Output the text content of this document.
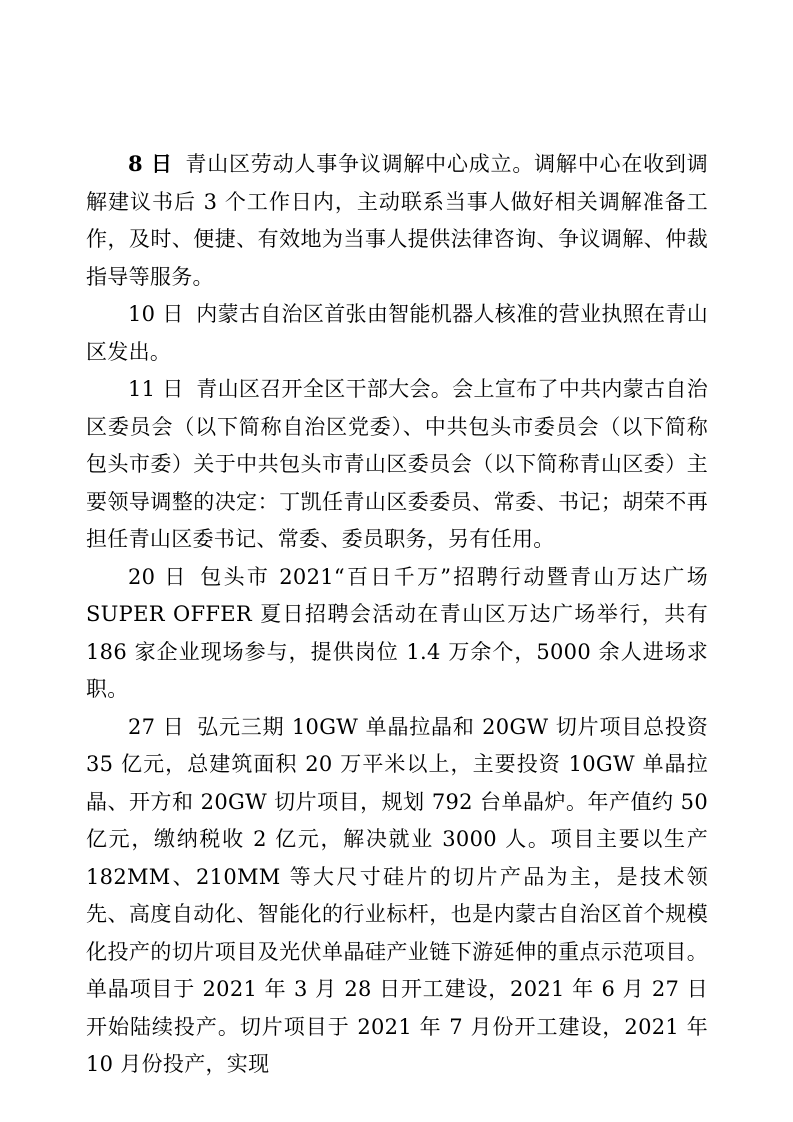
8 日 青山区劳动人事争议调解中心成立。调解中心在收到调解建议书后 3 个工作日内，主动联系当事人做好相关调解准备工作，及时、便捷、有效地为当事人提供法律咨询、争议调解、仲裁指导等服务。

10 日 内蒙古自治区首张由智能机器人核准的营业执照在青山区发出。

11 日 青山区召开全区干部大会。会上宣布了中共内蒙古自治区委员会（以下简称自治区党委）、中共包头市委员会（以下简称包头市委）关于中共包头市青山区委员会（以下简称青山区委）主要领导调整的决定：丁凯任青山区委委员、常委、书记；胡荣不再担任青山区委书记、常委、委员职务，另有任用。

20 日 包头市 2021“百日千万”招聘行动暨青山万达广场 SUPER OFFER 夏日招聘会活动在青山区万达广场举行，共有 186 家企业现场参与，提供岗位 1.4 万余个，5000 余人进场求职。

27 日 弘元三期 10GW 单晶拉晶和 20GW 切片项目总投资 35 亿元，总建筑面积 20 万平米以上，主要投资 10GW 单晶拉晶、开方和 20GW 切片项目，规划 792 台单晶炉。年产值约 50 亿元，缴纳税收 2 亿元，解决就业 3000 人。项目主要以生产 182MM、210MM 等大尺寸硅片的切片产品为主，是技术领先、高度自动化、智能化的行业标杆，也是内蒙古自治区首个规模化投产的切片项目及光伏单晶硅产业链下游延伸的重点示范项目。单晶项目于 2021 年 3 月 28 日开工建设，2021 年 6 月 27 日开始陆续投产。切片项目于 2021 年 7 月份开工建设，2021 年 10 月份投产，实现
